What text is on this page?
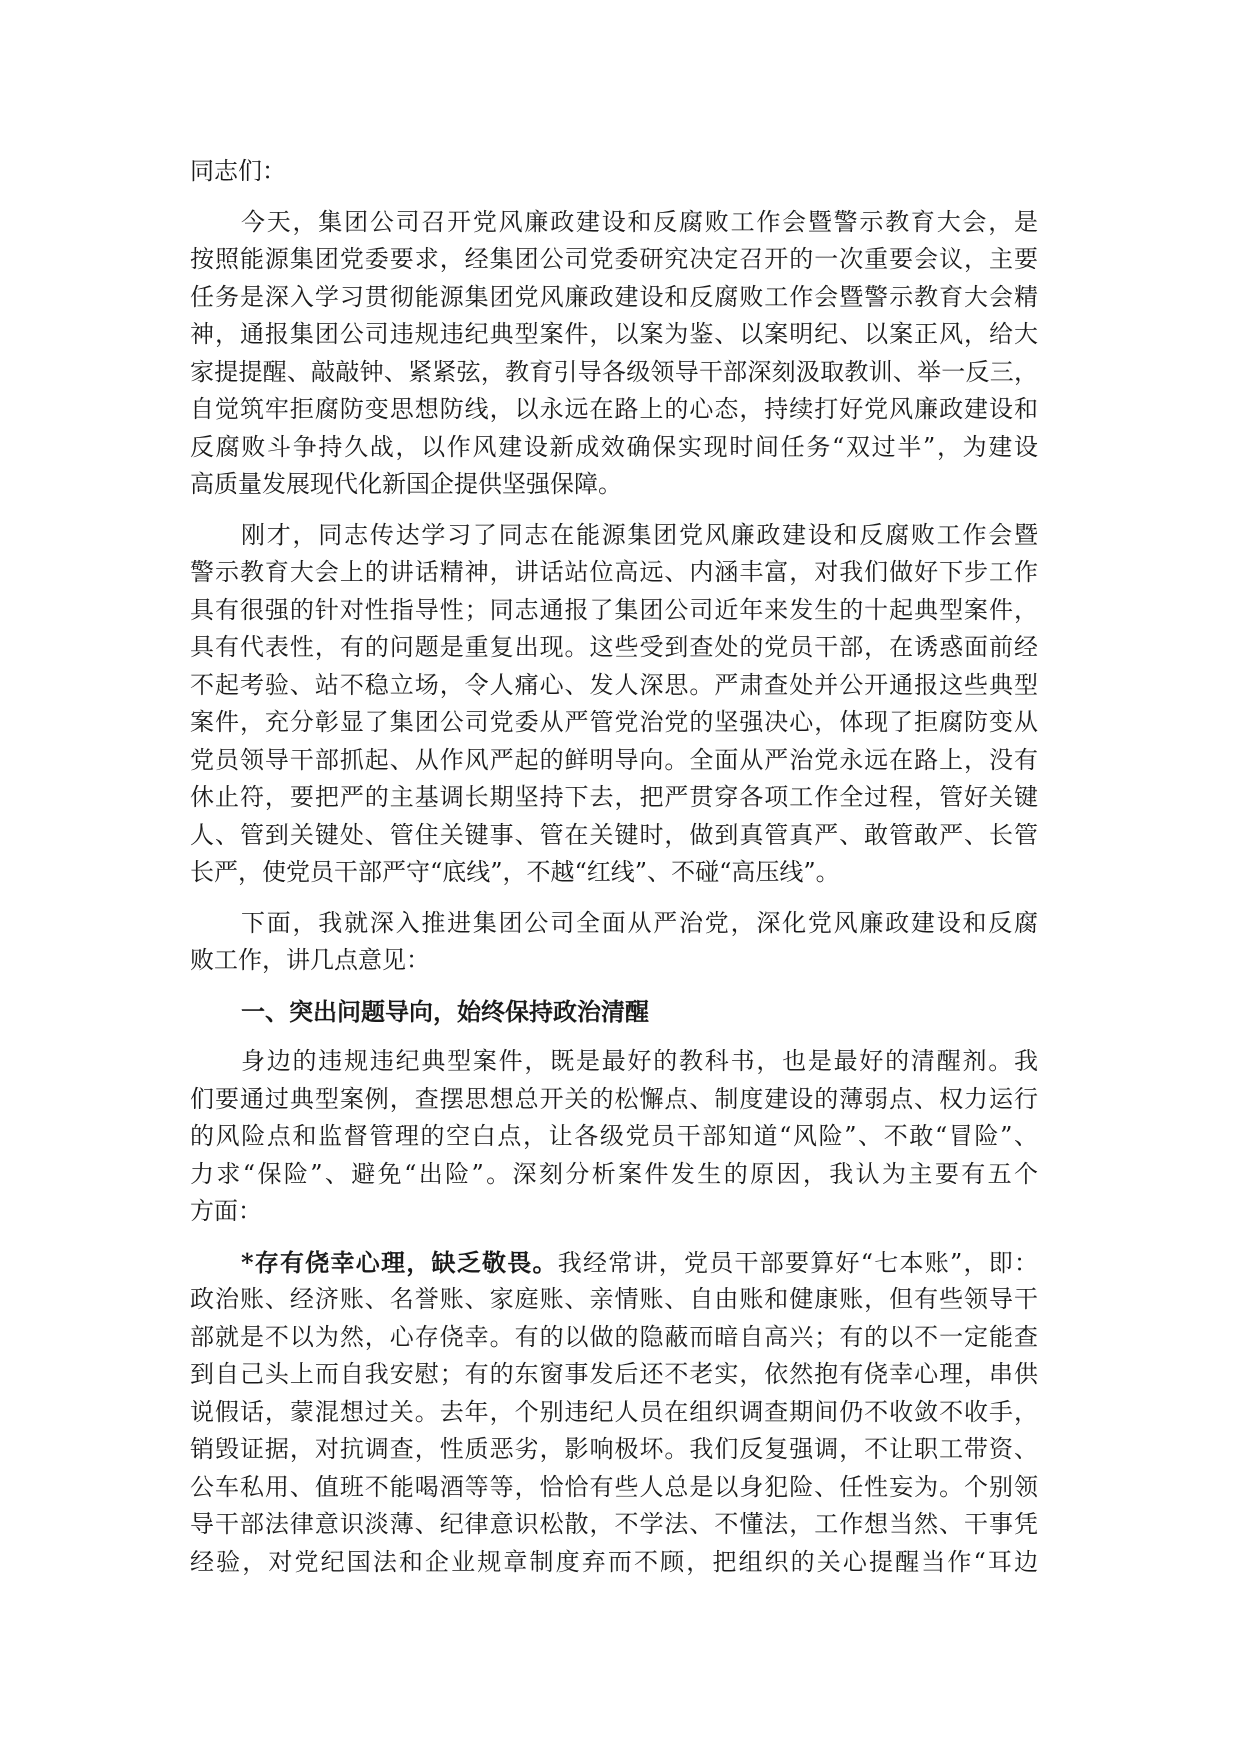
同志们：
今天，集团公司召开党风廉政建设和反腐败工作会暨警示教育大会，是
按照能源集团党委要求，经集团公司党委研究决定召开的一次重要会议，主要
任务是深入学习贯彻能源集团党风廉政建设和反腐败工作会暨警示教育大会精
神，通报集团公司违规违纪典型案件，以案为鉴、以案明纪、以案正风，给大
家提提醒、敲敲钟、紧紧弦，教育引导各级领导干部深刻汲取教训、举一反三，
自觉筑牢拒腐防变思想防线，以永远在路上的心态，持续打好党风廉政建设和
反腐败斗争持久战，以作风建设新成效确保实现时间任务“双过半”，为建设
高质量发展现代化新国企提供坚强保障。
刚才，同志传达学习了同志在能源集团党风廉政建设和反腐败工作会暨
警示教育大会上的讲话精神，讲话站位高远、内涵丰富，对我们做好下步工作
具有很强的针对性指导性；同志通报了集团公司近年来发生的十起典型案件，
具有代表性，有的问题是重复出现。这些受到查处的党员干部，在诱惑面前经
不起考验、站不稳立场，令人痛心、发人深思。严肃查处并公开通报这些典型
案件，充分彰显了集团公司党委从严管党治党的坚强决心，体现了拒腐防变从
党员领导干部抓起、从作风严起的鲜明导向。全面从严治党永远在路上，没有
休止符，要把严的主基调长期坚持下去，把严贯穿各项工作全过程，管好关键
人、管到关键处、管住关键事、管在关键时，做到真管真严、敢管敢严、长管
长严，使党员干部严守“底线”，不越“红线”、不碰“高压线”。
下面，我就深入推进集团公司全面从严治党，深化党风廉政建设和反腐
败工作，讲几点意见：
一、突出问题导向，始终保持政治清醒
身边的违规违纪典型案件，既是最好的教科书，也是最好的清醒剂。我
们要通过典型案例，查摆思想总开关的松懈点、制度建设的薄弱点、权力运行
的风险点和监督管理的空白点，让各级党员干部知道“风险”、不敢“冒险”、
力求“保险”、避免“出险”。深刻分析案件发生的原因，我认为主要有五个
方面：
*存有侥幸心理，缺乏敬畏。我经常讲，党员干部要算好“七本账”，即：
政治账、经济账、名誉账、家庭账、亲情账、自由账和健康账，但有些领导干
部就是不以为然，心存侥幸。有的以做的隐蔽而暗自高兴；有的以不一定能查
到自己头上而自我安慰；有的东窗事发后还不老实，依然抱有侥幸心理，串供
说假话，蒙混想过关。去年，个别违纪人员在组织调查期间仍不收敛不收手，
销毁证据，对抗调查，性质恶劣，影响极坏。我们反复强调，不让职工带资、
公车私用、值班不能喝酒等等，恰恰有些人总是以身犯险、任性妄为。个别领
导干部法律意识淡薄、纪律意识松散，不学法、不懂法，工作想当然、干事凭
经验，对党纪国法和企业规章制度弃而不顾，把组织的关心提醒当作“耳边
